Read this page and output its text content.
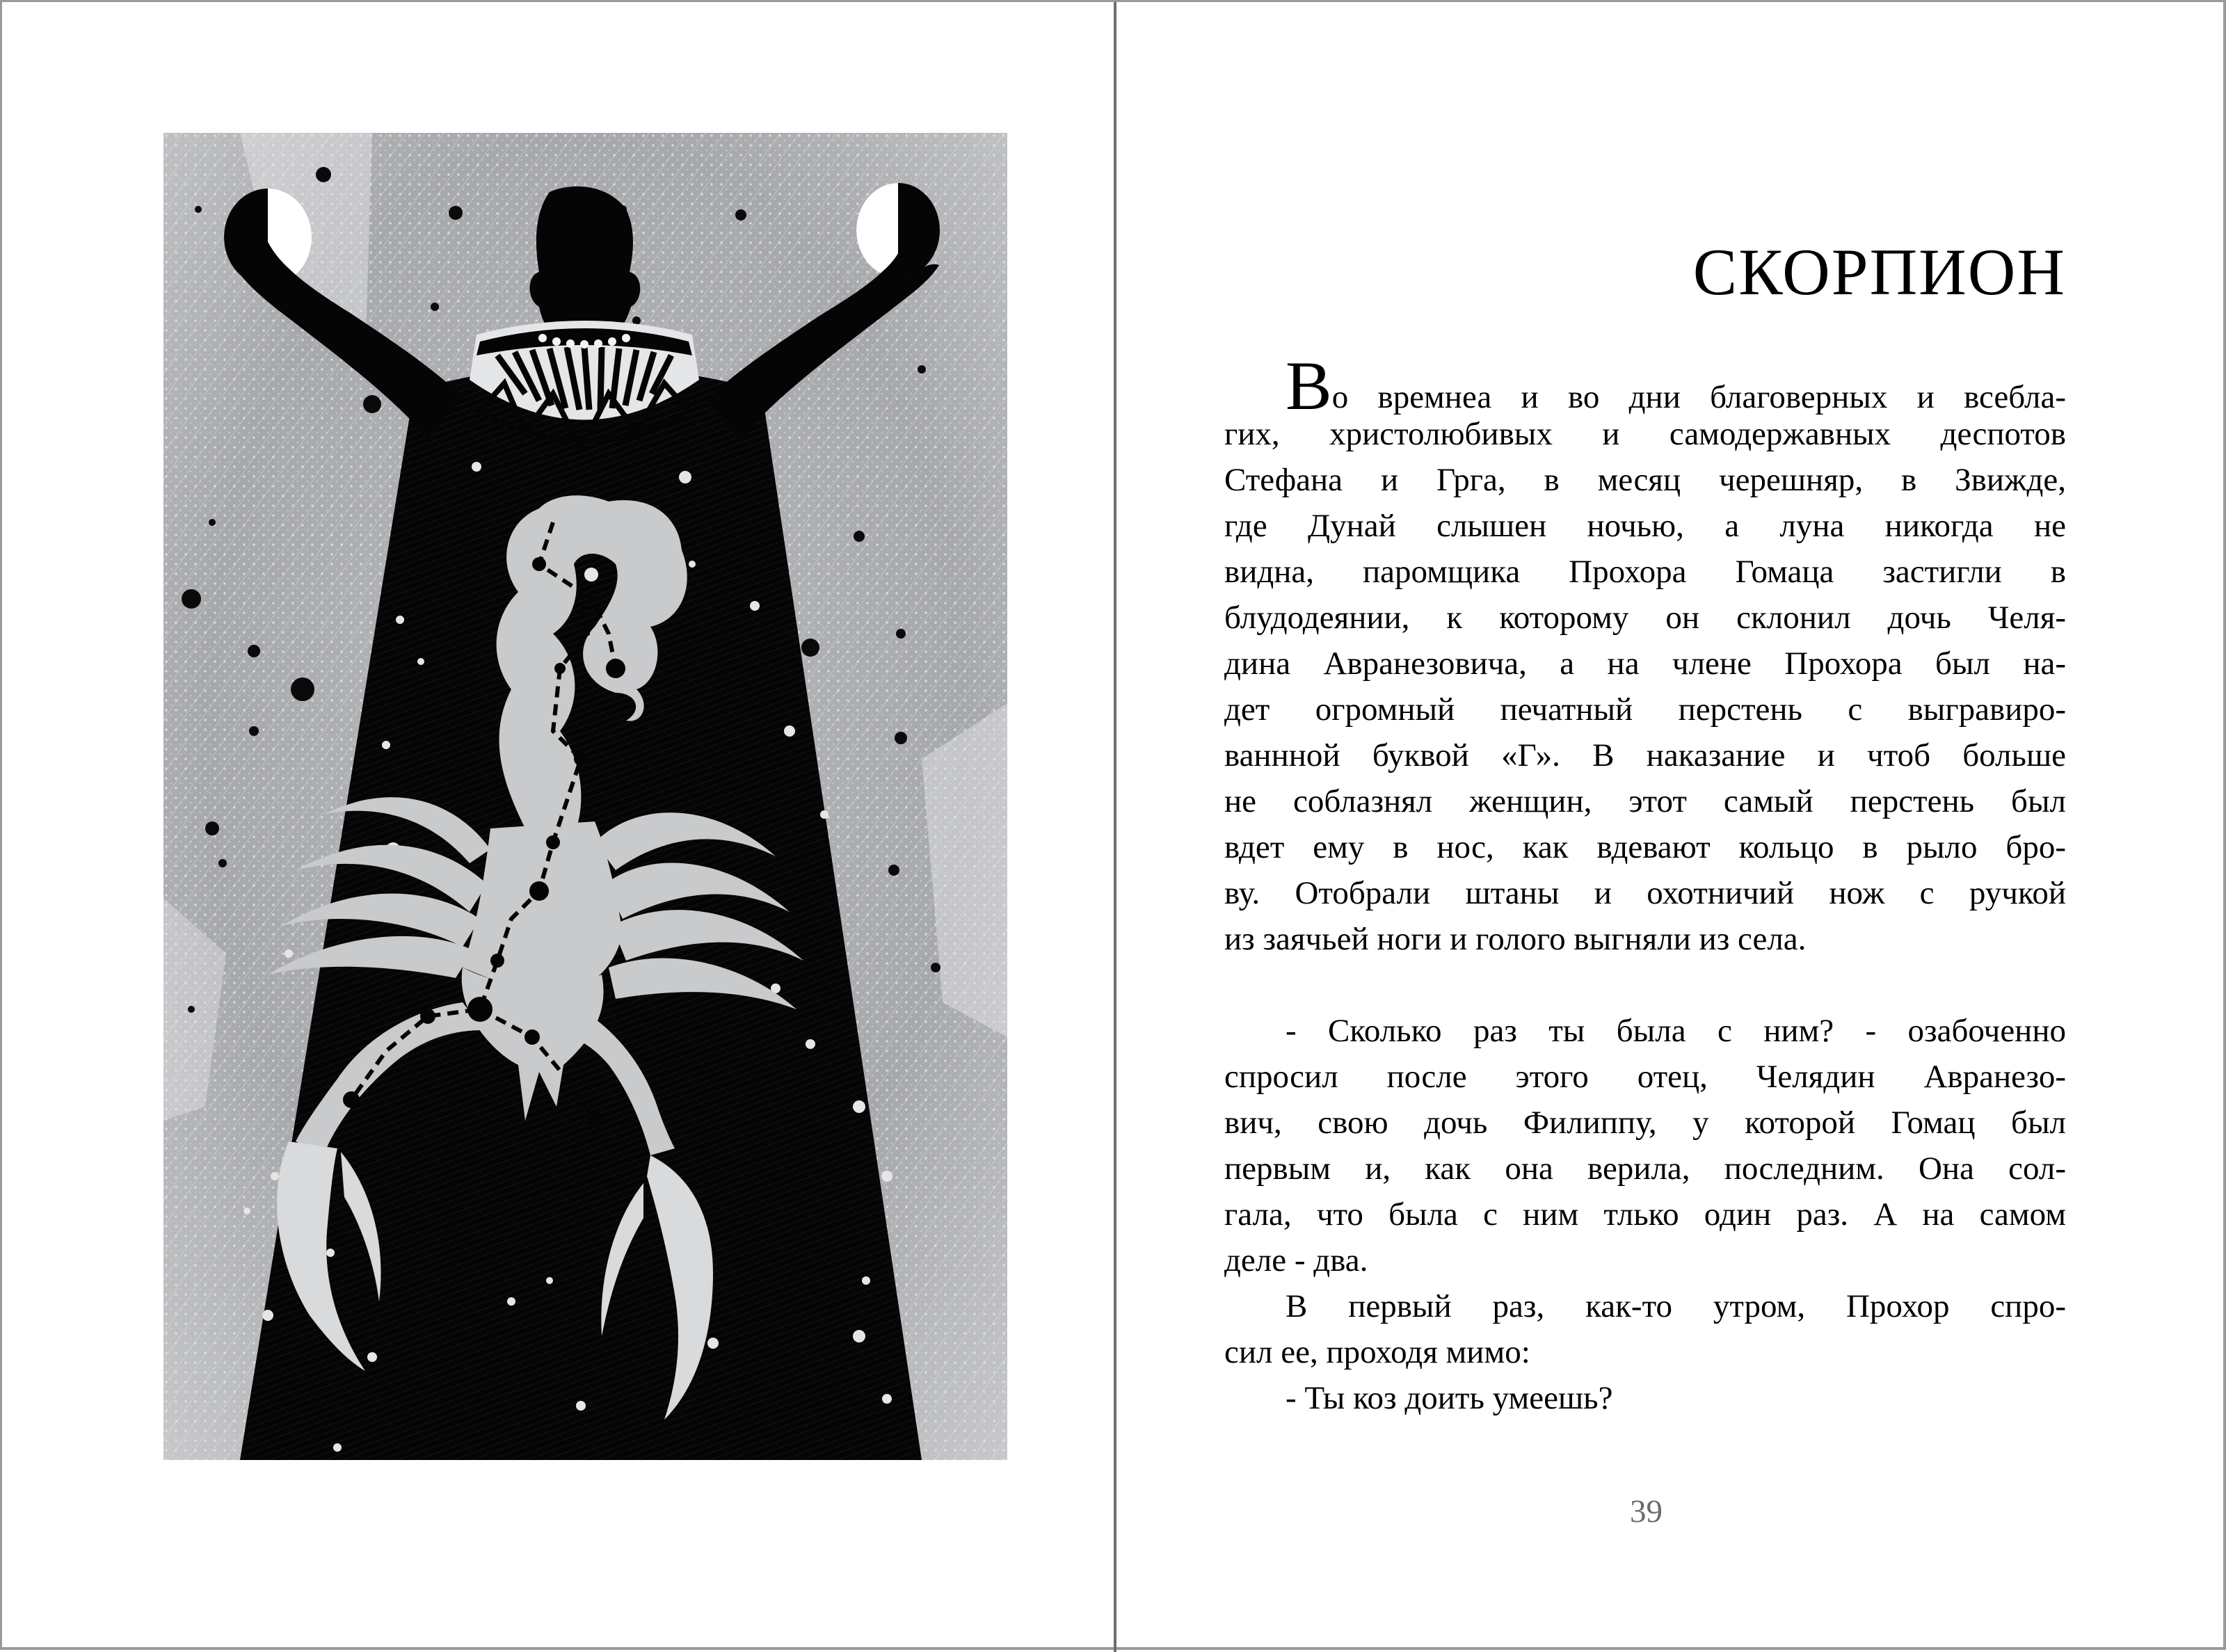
СКОРПИОН
Во времнеа и во дни благоверных и всебла-
гих, христолюбивых и самодержавных деспотов
Стефана и Грга, в месяц черешняр, в Звижде,
где Дунай слышен ночью, а луна никогда не
видна, паромщика Прохора Гомаца застигли в
блудодеянии, к которому он склонил дочь Челя-
дина Авранезовича, а на члене Прохора был на-
дет огромный печатный перстень с выгравиро-
ваннной буквой «Г». В наказание и чтоб больше
не соблазнял женщин, этот самый перстень был
вдет ему в нос, как вдевают кольцо в рыло бро-
ву. Отобрали штаны и охотничий нож с ручкой
из заячьей ноги и голого выгняли из села.
- Сколько раз ты была с ним? - озабоченно
спросил после этого отец, Челядин Авранезо-
вич, свою дочь Филиппу, у которой Гомац был
первым и, как она верила, последним. Она сол-
гала, что была с ним тлько один раз. А на самом
деле - два.
В первый раз, как-то утром, Прохор спро-
сил ее, проходя мимо:
- Ты коз доить умеешь?
39
